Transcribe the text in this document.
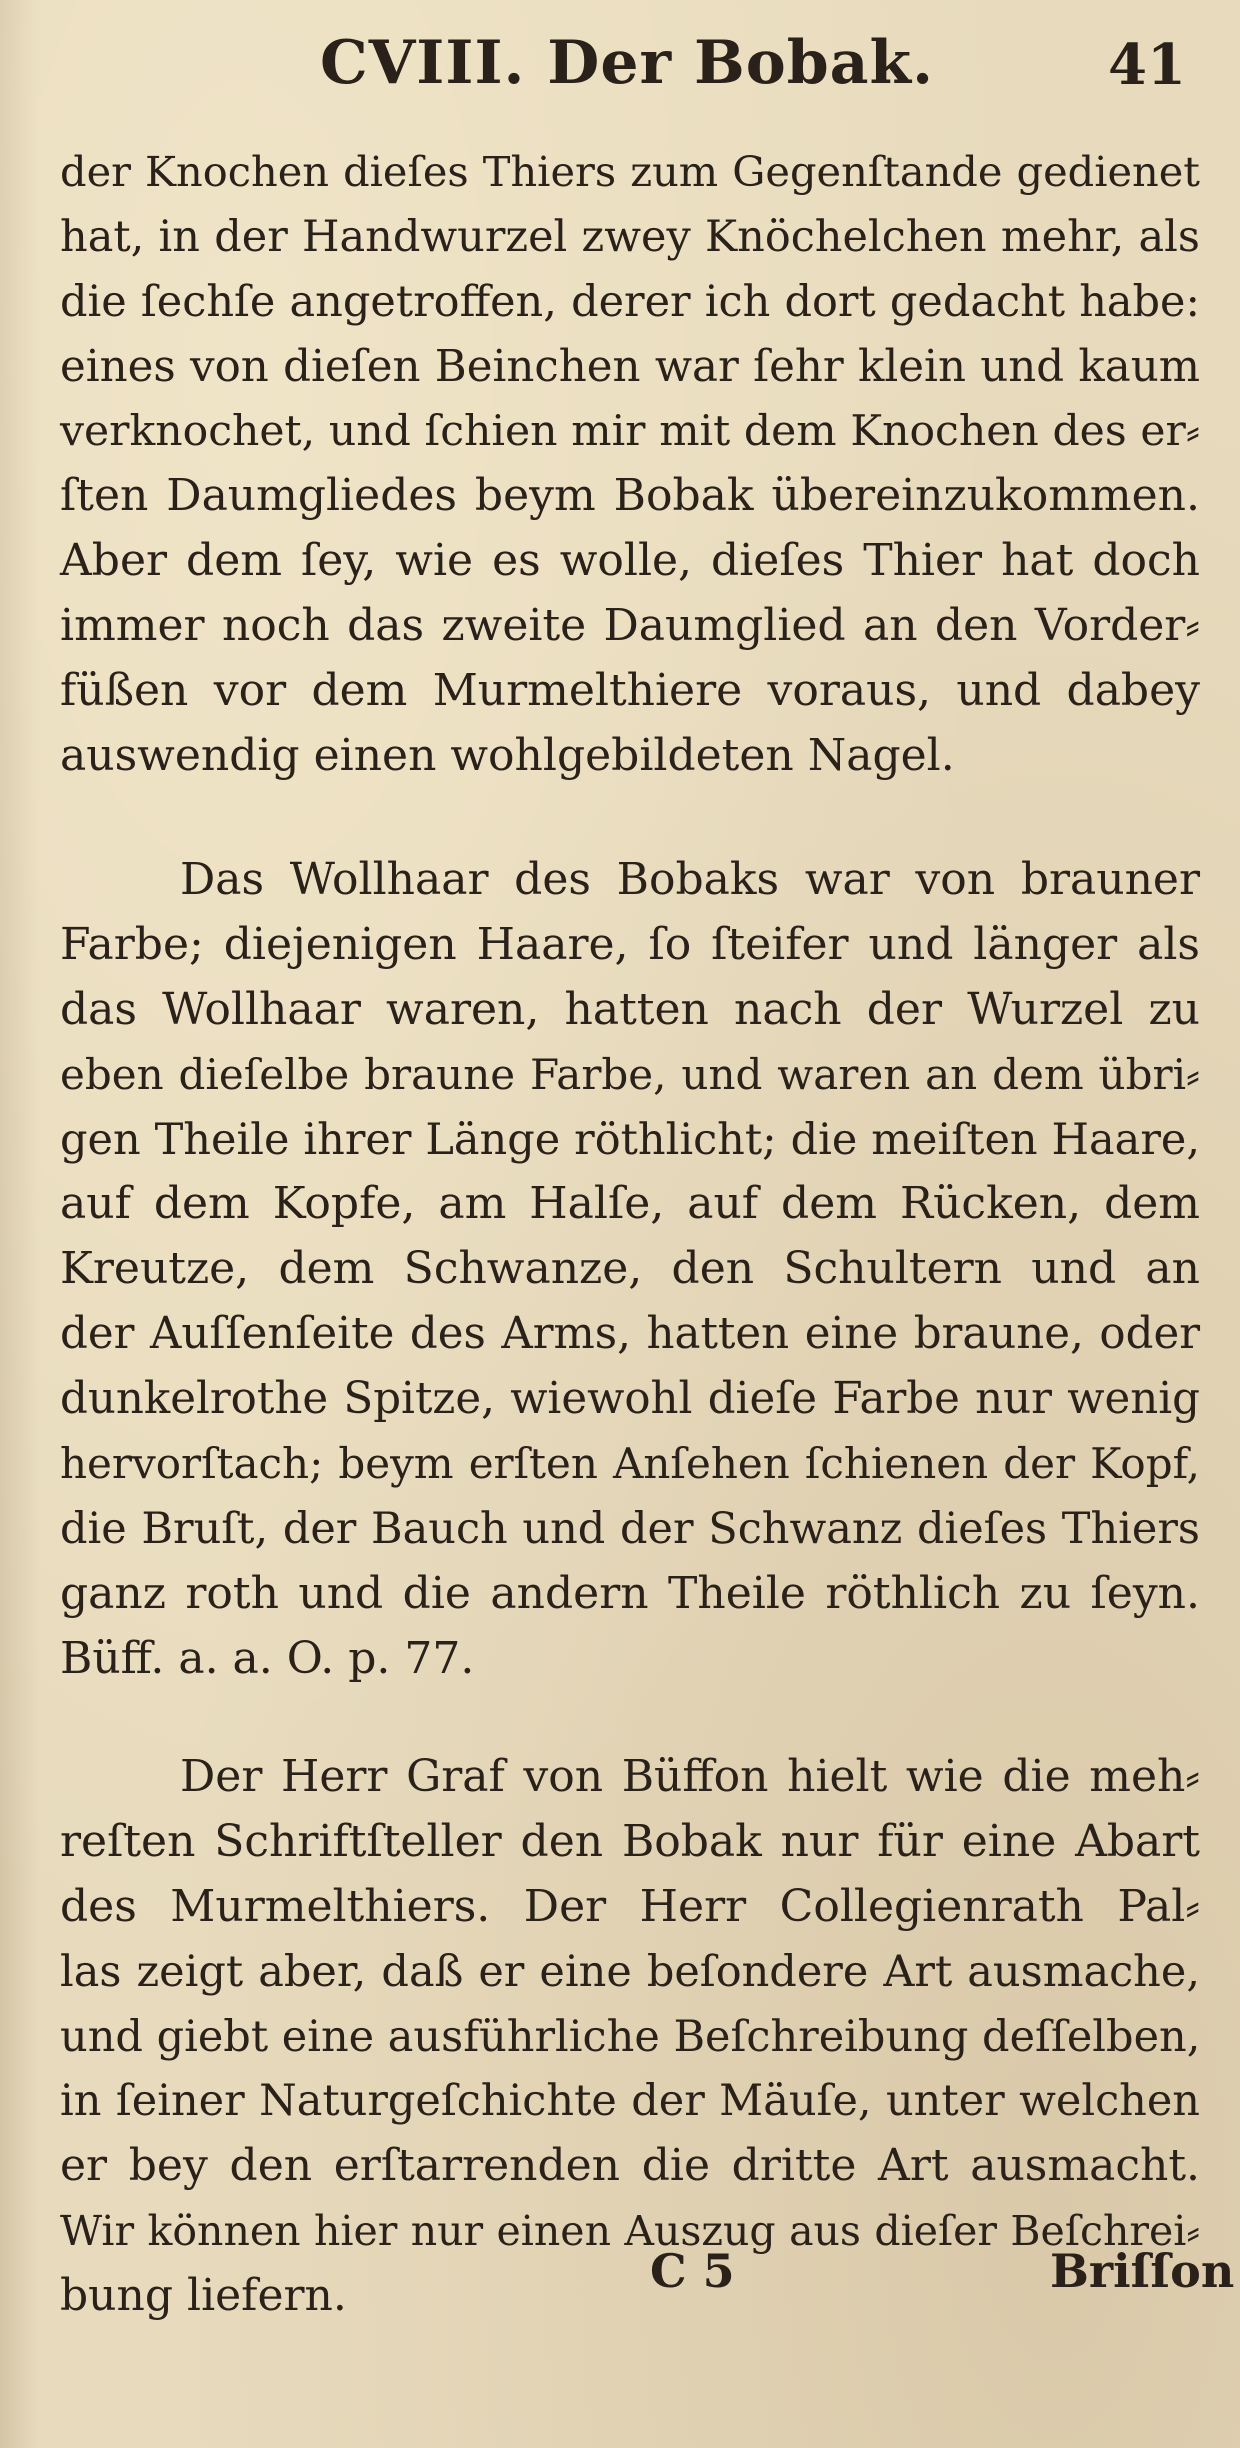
CVIII. Der Bobak.	41
der Knochen dieſes Thiers zum Gegenſtande gedienet
hat, in der Handwurzel zwey Knöchelchen mehr, als
die ſechſe angetroffen, derer ich dort gedacht habe:
eines von dieſen Beinchen war ſehr klein und kaum
verknochet, und ſchien mir mit dem Knochen des er⸗
ſten Daumgliedes beym Bobak übereinzukommen.
Aber dem ſey, wie es wolle, dieſes Thier hat doch
immer noch das zweite Daumglied an den Vorder⸗
füßen vor dem Murmelthiere voraus, und dabey
auswendig einen wohlgebildeten Nagel.
Das Wollhaar des Bobaks war von brauner
Farbe; diejenigen Haare, ſo ſteifer und länger als
das Wollhaar waren, hatten nach der Wurzel zu
eben dieſelbe braune Farbe, und waren an dem übri⸗
gen Theile ihrer Länge röthlicht; die meiſten Haare,
auf dem Kopfe, am Halſe, auf dem Rücken, dem
Kreutze, dem Schwanze, den Schultern und an
der Auſſenſeite des Arms, hatten eine braune, oder
dunkelrothe Spitze, wiewohl dieſe Farbe nur wenig
hervorſtach; beym erſten Anſehen ſchienen der Kopf,
die Bruſt, der Bauch und der Schwanz dieſes Thiers
ganz roth und die andern Theile röthlich zu ſeyn.
Büff. a. a. O. p. 77.
Der Herr Graf von Büffon hielt wie die meh⸗
reſten Schriftſteller den Bobak nur für eine Abart
des Murmelthiers. Der Herr Collegienrath Pal⸗
las zeigt aber, daß er eine beſondere Art ausmache,
und giebt eine ausführliche Beſchreibung deſſelben,
in ſeiner Naturgeſchichte der Mäuſe, unter welchen
er bey den erſtarrenden die dritte Art ausmacht.
Wir können hier nur einen Auszug aus dieſer Beſchrei⸗
bung liefern.	C 5	Briſſon
